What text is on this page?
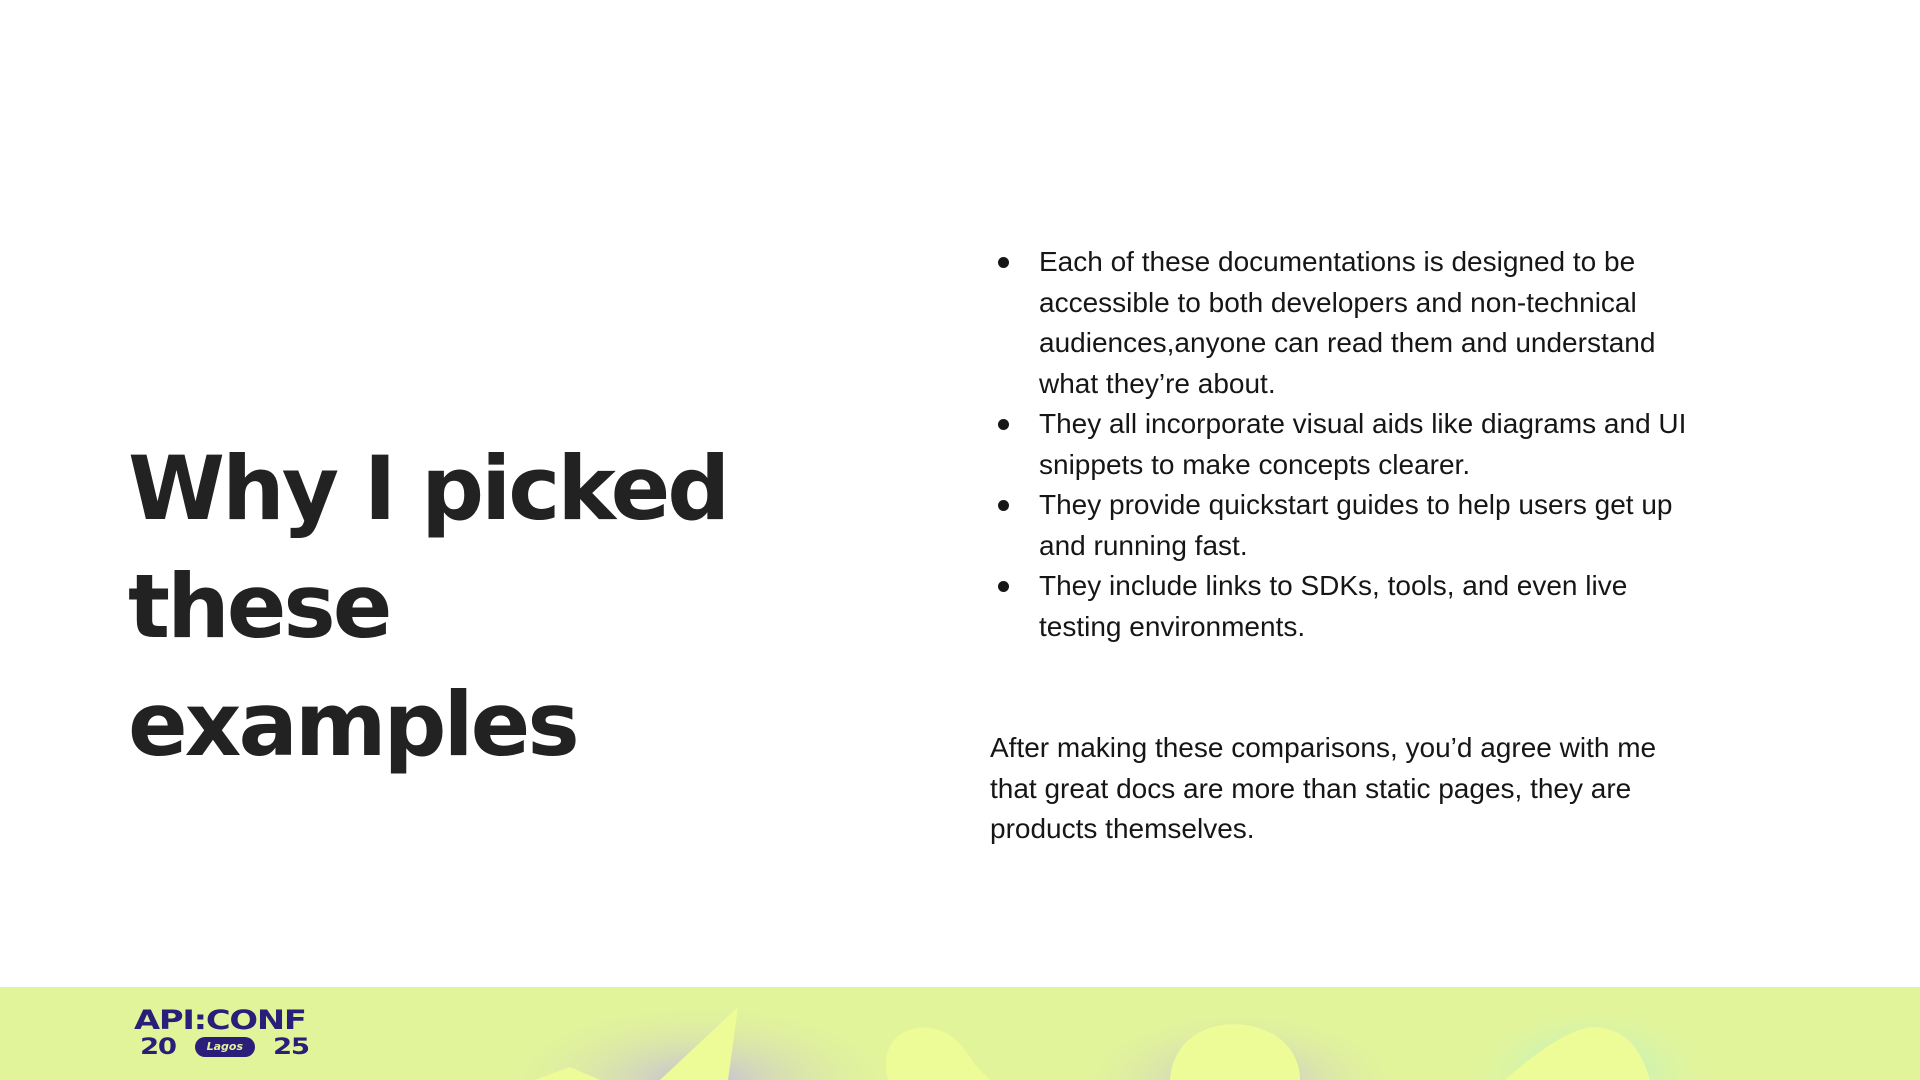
Why I picked these examples
Each of these documentations is designed to be accessible to both developers and non-technical audiences,anyone can read them and understand what they’re about.
They all incorporate visual aids like diagrams and UI snippets to make concepts clearer.
They provide quickstart guides to help users get up and running fast.
They include links to SDKs, tools, and even live testing environments.

After making these comparisons, you’d agree with me that great docs are more than static pages, they are products themselves.

API:CONF
20	Lagos 25
